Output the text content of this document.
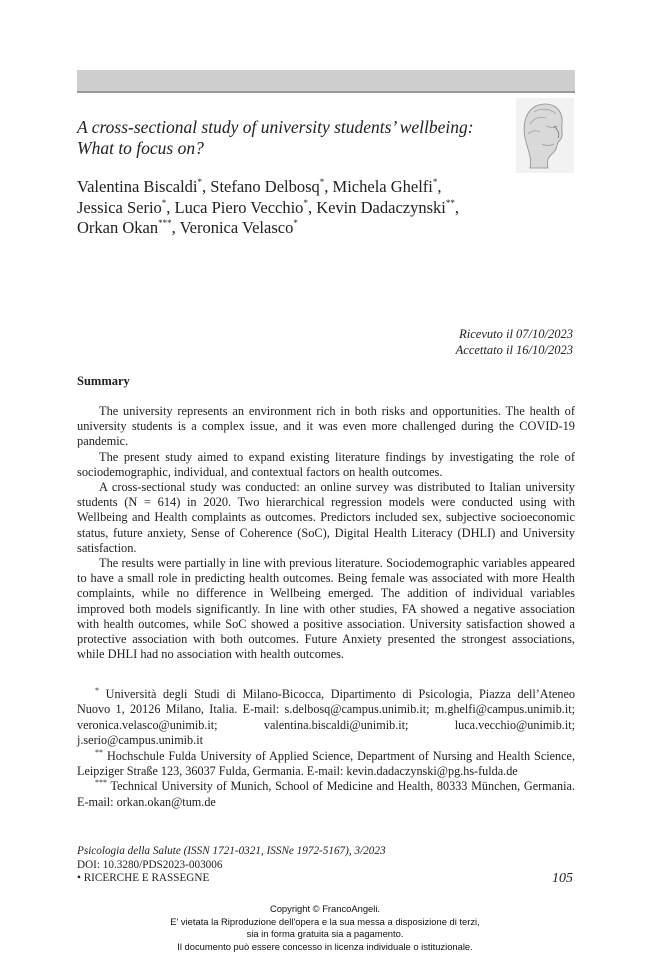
A cross-sectional study of university students’ wellbeing:
What to focus on?

Valentina Biscaldi*, Stefano Delbosq*, Michela Ghelfi*,
Jessica Serio*, Luca Piero Vecchio*, Kevin Dadaczynski**,
Orkan Okan***, Veronica Velasco*

Ricevuto il 07/10/2023
Accettato il 16/10/2023
Summary

The university represents an environment rich in both risks and opportunities. The health of university students is a complex issue, and it was even more challenged during the COVID-19 pandemic.

The present study aimed to expand existing literature findings by investigating the role of sociodemographic, individual, and contextual factors on health outcomes.

A cross-sectional study was conducted: an online survey was distributed to Italian university students (N = 614) in 2020. Two hierarchical regression models were conducted using with Wellbeing and Health complaints as outcomes. Predictors included sex, subjective socioeconomic status, future anxiety, Sense of Coherence (SoC), Digital Health Literacy (DHLI) and University satisfaction.

The results were partially in line with previous literature. Sociodemographic variables appeared to have a small role in predicting health outcomes. Being female was associated with more Health complaints, while no difference in Wellbeing emerged. The addition of individual variables improved both models significantly. In line with other studies, FA showed a negative association with health outcomes, while SoC showed a positive association. University satisfaction showed a protective association with both outcomes. Future Anxiety presented the strongest associations, while DHLI had no association with health outcomes.

* Università degli Studi di Milano-Bicocca, Dipartimento di Psicologia, Piazza dell’Ateneo Nuovo 1, 20126 Milano, Italia. E-mail: s.delbosq@campus.unimib.it; m.ghelfi@campus.unimib.it; veronica.velasco@unimib.it; valentina.biscaldi@unimib.it; luca.vecchio@unimib.it; j.serio@campus.unimib.it

** Hochschule Fulda University of Applied Science, Department of Nursing and Health Science, Leipziger Straße 123, 36037 Fulda, Germania. E-mail: kevin.dadaczynski@pg.hs-fulda.de

*** Technical University of Munich, School of Medicine and Health, 80333 München, Germania. E-mail: orkan.okan@tum.de

Psicologia della Salute (ISSN 1721-0321, ISSNe 1972-5167), 3/2023
DOI: 10.3280/PDS2023-003006
• RICERCHE E RASSEGNE	105
Copyright © FrancoAngeli.
E' vietata la Riproduzione dell'opera e la sua messa a disposizione di terzi,
sia in forma gratuita sia a pagamento.
Il documento può essere concesso in licenza individuale o istituzionale.
